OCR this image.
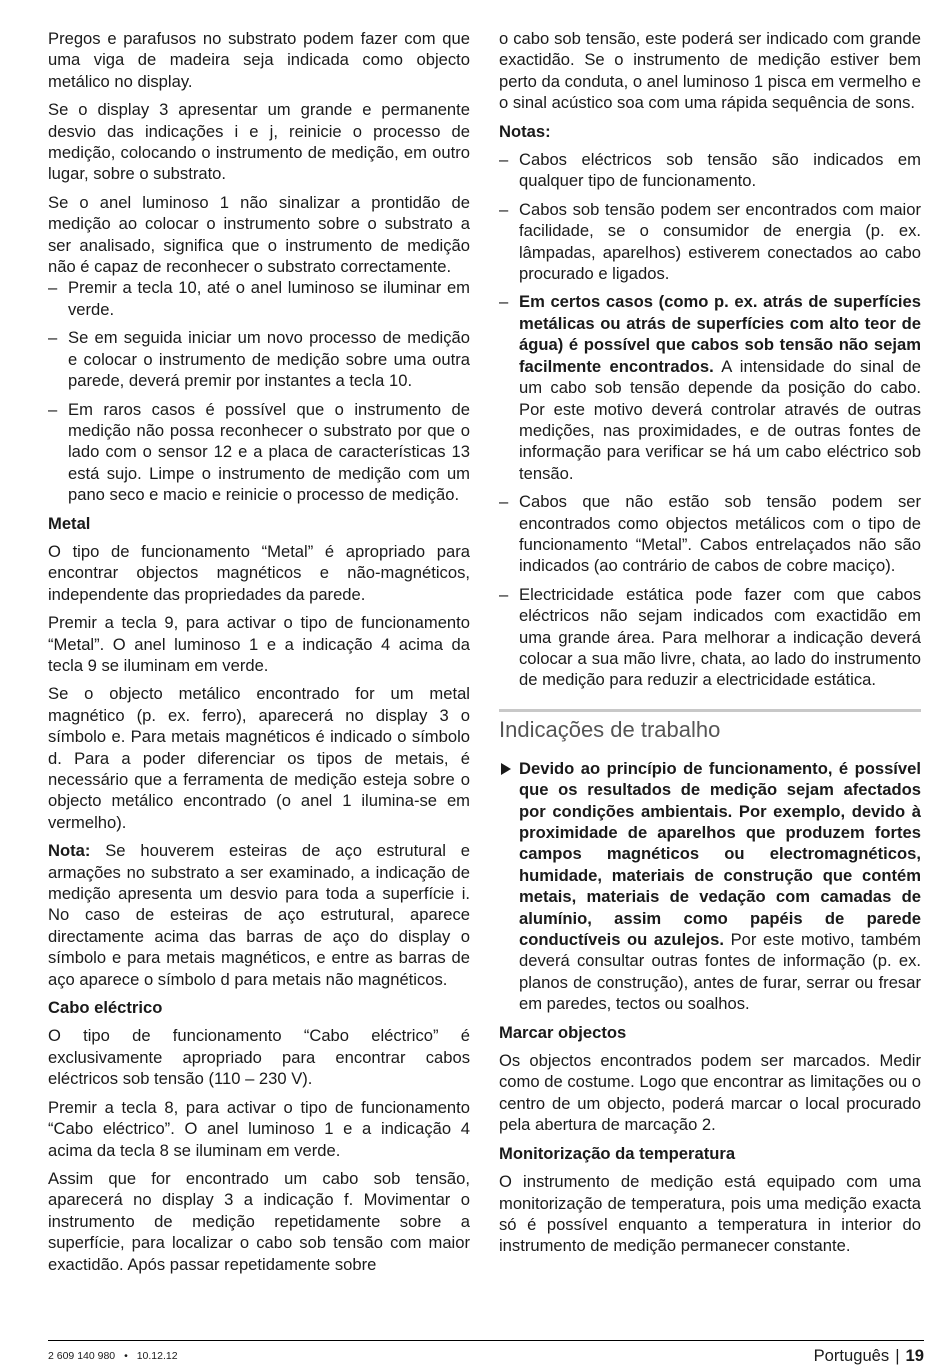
Pregos e parafusos no substrato podem fazer com que uma viga de madeira seja indicada como objecto metálico no display.

Se o display 3 apresentar um grande e permanente desvio das indicações i e j, reinicie o processo de medição, colocando o instrumento de medição, em outro lugar, sobre o substrato.

Se o anel luminoso 1 não sinalizar a prontidão de medição ao colocar o instrumento sobre o substrato a ser analisado, significa que o instrumento de medição não é capaz de reconhecer o substrato correctamente.

– Premir a tecla 10, até o anel luminoso se iluminar em verde.

– Se em seguida iniciar um novo processo de medição e colocar o instrumento de medição sobre uma outra parede, deverá premir por instantes a tecla 10.

– Em raros casos é possível que o instrumento de medição não possa reconhecer o substrato por que o lado com o sensor 12 e a placa de características 13 está sujo. Limpe o instrumento de medição com um pano seco e macio e reinicie o processo de medição.

Metal

O tipo de funcionamento “Metal” é apropriado para encontrar objectos magnéticos e não-magnéticos, independente das propriedades da parede.

Premir a tecla 9, para activar o tipo de funcionamento “Metal”. O anel luminoso 1 e a indicação 4 acima da tecla 9 se iluminam em verde.

Se o objecto metálico encontrado for um metal magnético (p. ex. ferro), aparecerá no display 3 o símbolo e. Para metais magnéticos é indicado o símbolo d. Para a poder diferenciar os tipos de metais, é necessário que a ferramenta de medição esteja sobre o objecto metálico encontrado (o anel 1 ilumina-se em vermelho).

Nota: Se houverem esteiras de aço estrutural e armações no substrato a ser examinado, a indicação de medição apresenta um desvio para toda a superfície i. No caso de esteiras de aço estrutural, aparece directamente acima das barras de aço do display o símbolo e para metais magnéticos, e entre as barras de aço aparece o símbolo d para metais não magnéticos.

Cabo eléctrico

O tipo de funcionamento “Cabo eléctrico” é exclusivamente apropriado para encontrar cabos eléctricos sob tensão (110 – 230 V).

Premir a tecla 8, para activar o tipo de funcionamento “Cabo eléctrico”. O anel luminoso 1 e a indicação 4 acima da tecla 8 se iluminam em verde.

Assim que for encontrado um cabo sob tensão, aparecerá no display 3 a indicação f. Movimentar o instrumento de medição repetidamente sobre a superfície, para localizar o cabo sob tensão com maior exactidão. Após passar repetidamente sobre

o cabo sob tensão, este poderá ser indicado com grande exactidão. Se o instrumento de medição estiver bem perto da conduta, o anel luminoso 1 pisca em vermelho e o sinal acústico soa com uma rápida sequência de sons.

Notas:

– Cabos eléctricos sob tensão são indicados em qualquer tipo de funcionamento.

– Cabos sob tensão podem ser encontrados com maior facilidade, se o consumidor de energia (p. ex. lâmpadas, aparelhos) estiverem conectados ao cabo procurado e ligados.

– Em certos casos (como p. ex. atrás de superfícies metálicas ou atrás de superfícies com alto teor de água) é possível que cabos sob tensão não sejam facilmente encontrados. A intensidade do sinal de um cabo sob tensão depende da posição do cabo. Por este motivo deverá controlar através de outras medições, nas proximidades, e de outras fontes de informação para verificar se há um cabo eléctrico sob tensão.

– Cabos que não estão sob tensão podem ser encontrados como objectos metálicos com o tipo de funcionamento “Metal”. Cabos entrelaçados não são indicados (ao contrário de cabos de cobre maciço).

– Electricidade estática pode fazer com que cabos eléctricos não sejam indicados com exactidão em uma grande área. Para melhorar a indicação deverá colocar a sua mão livre, chata, ao lado do instrumento de medição para reduzir a electricidade estática.

Indicações de trabalho

Devido ao princípio de funcionamento, é possível que os resultados de medição sejam afectados por condições ambientais. Por exemplo, devido à proximidade de aparelhos que produzem fortes campos magnéticos ou electromagnéticos, humidade, materiais de construção que contém metais, materiais de vedação com camadas de alumínio, assim como papéis de parede conductíveis ou azulejos. Por este motivo, também deverá consultar outras fontes de informação (p. ex. planos de construção), antes de furar, serrar ou fresar em paredes, tectos ou soalhos.

Marcar objectos

Os objectos encontrados podem ser marcados. Medir como de costume. Logo que encontrar as limitações ou o centro de um objecto, poderá marcar o local procurado pela abertura de marcação 2.

Monitorização da temperatura

O instrumento de medição está equipado com uma monitorização de temperatura, pois uma medição exacta só é possível enquanto a temperatura in interior do instrumento de medição permanecer constante.

2 609 140 980 • 10.12.12	Português | 19
